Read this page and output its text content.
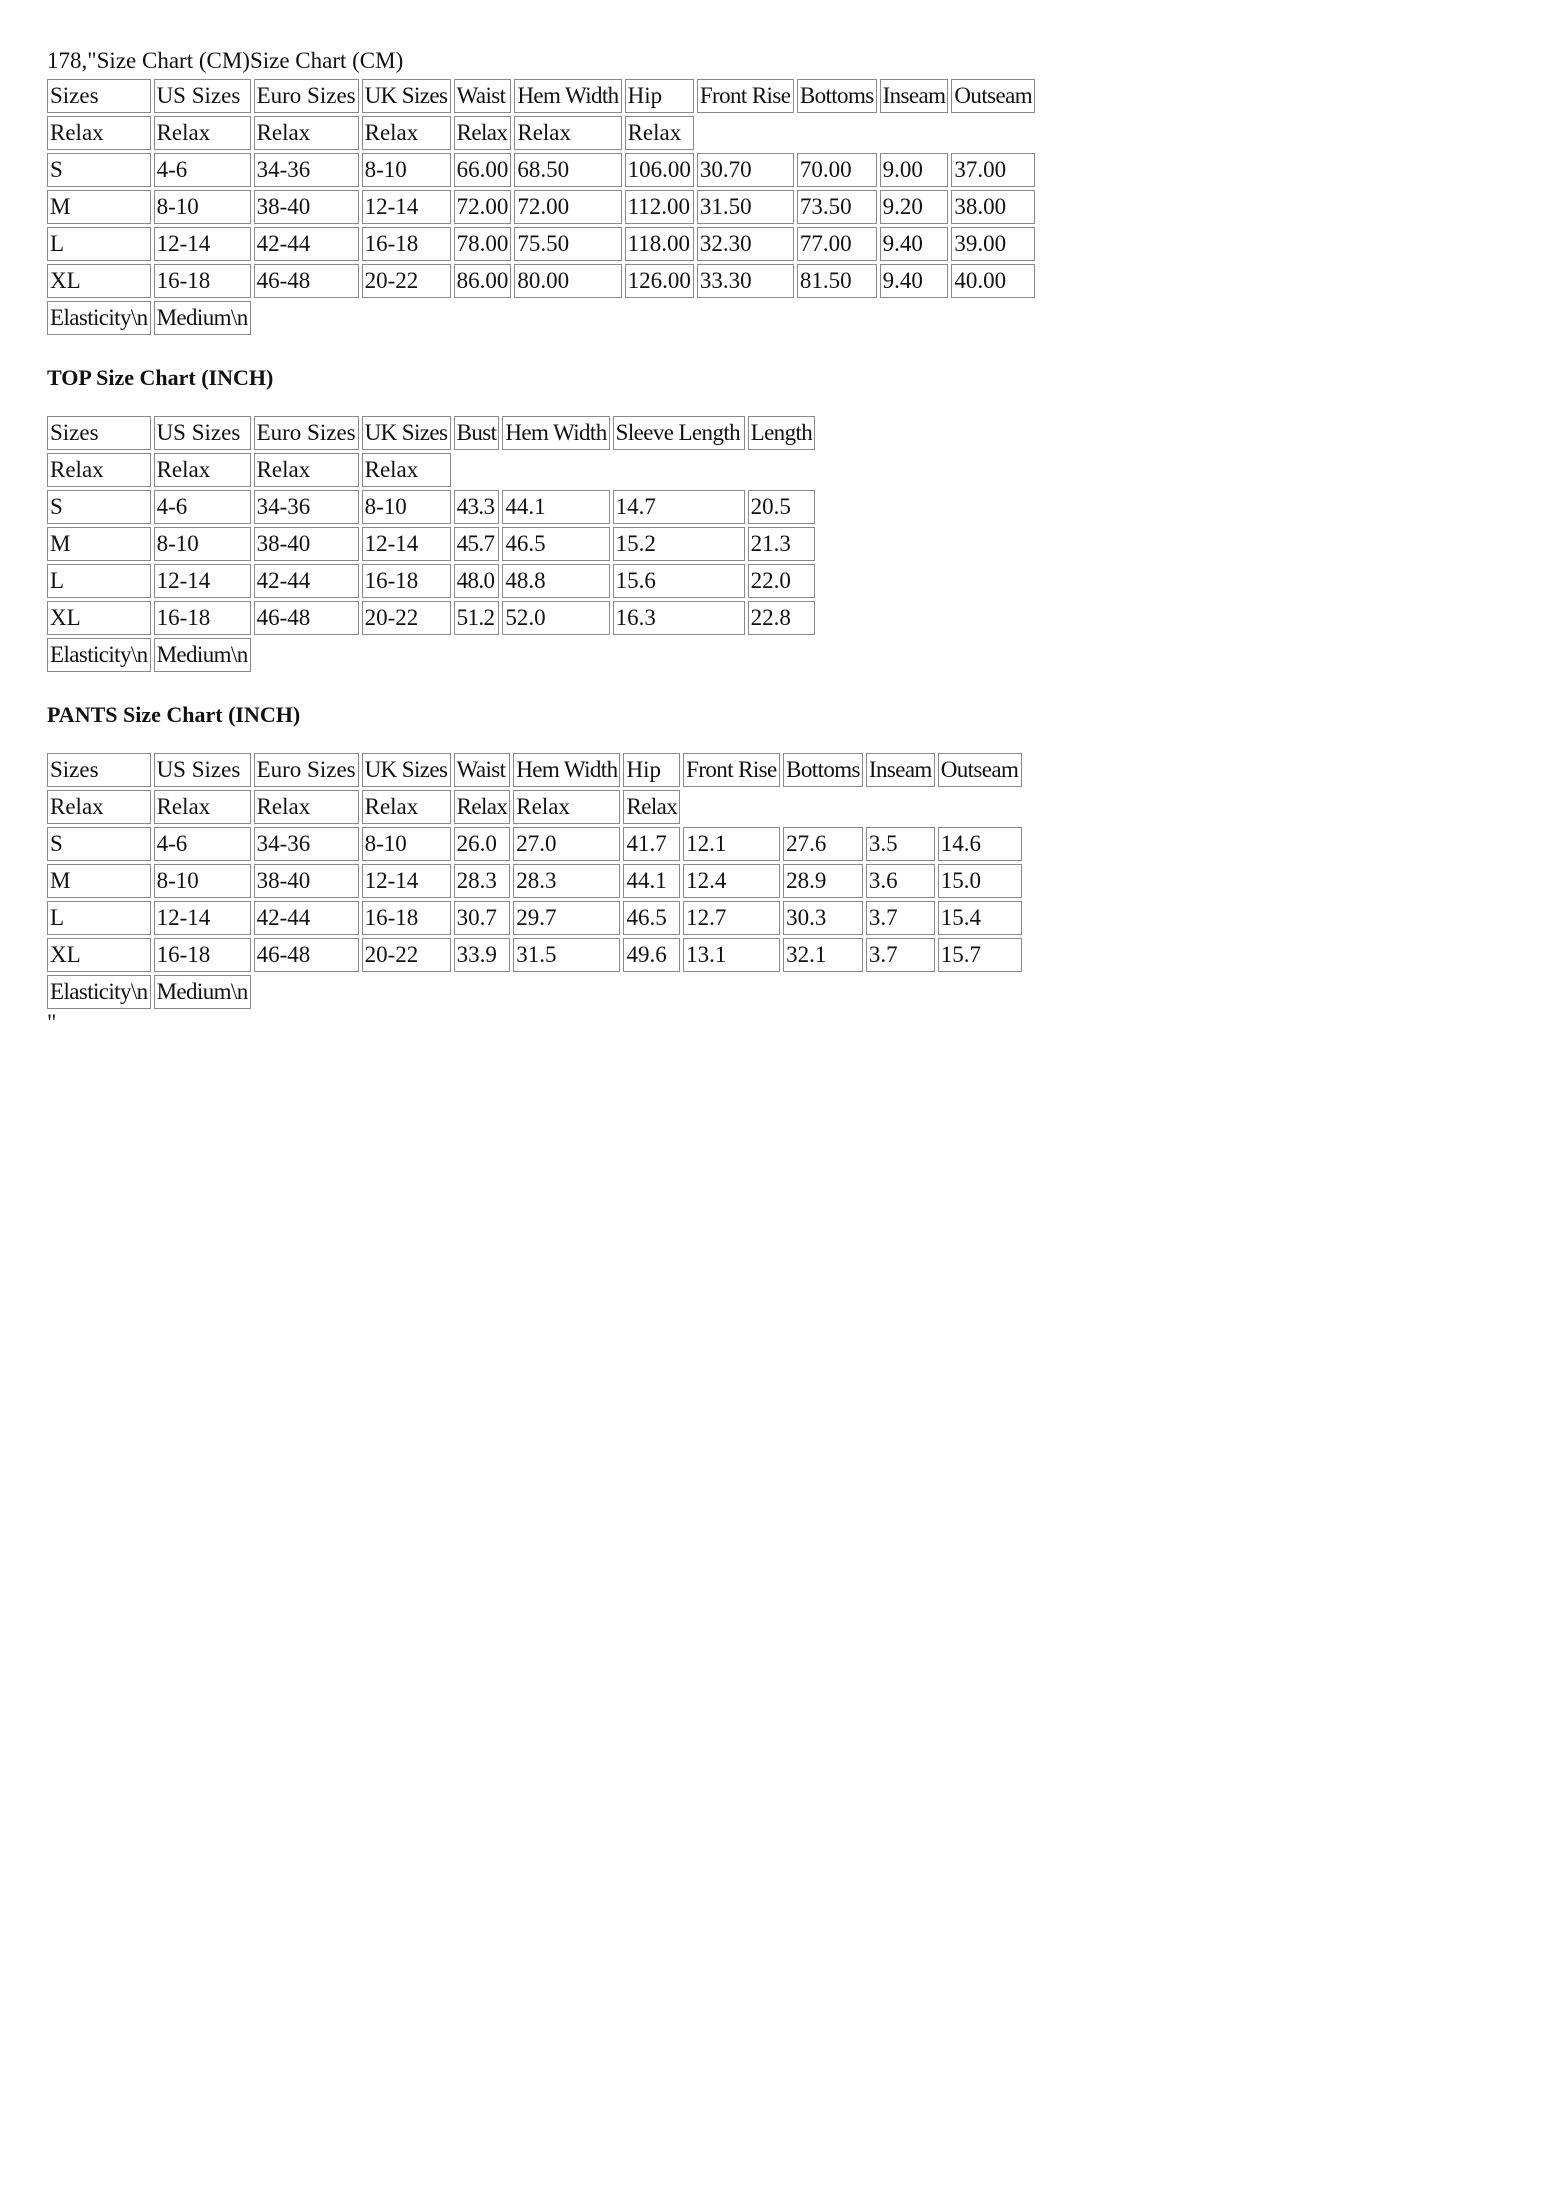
178,"Size Chart (CM)Size Chart (CM)
Sizes	US Sizes	Euro Sizes	UK Sizes	Waist	Hem Width	Hip	Front Rise	Bottoms	Inseam	Outseam
Relax	Relax	Relax	Relax	Relax	Relax	Relax				
S	4-6	34-36	8-10	66.00	68.50	106.00	30.70	70.00	9.00	37.00
M	8-10	38-40	12-14	72.00	72.00	112.00	31.50	73.50	9.20	38.00
L	12-14	42-44	16-18	78.00	75.50	118.00	32.30	77.00	9.40	39.00
XL	16-18	46-48	20-22	86.00	80.00	126.00	33.30	81.50	9.40	40.00
Elasticity\n	Medium\n									
TOP Size Chart (INCH)
Sizes	US Sizes	Euro Sizes	UK Sizes	Bust	Hem Width	Sleeve Length	Length
Relax	Relax	Relax	Relax				
S	4-6	34-36	8-10	43.3	44.1	14.7	20.5
M	8-10	38-40	12-14	45.7	46.5	15.2	21.3
L	12-14	42-44	16-18	48.0	48.8	15.6	22.0
XL	16-18	46-48	20-22	51.2	52.0	16.3	22.8
Elasticity\n	Medium\n						
PANTS Size Chart (INCH)
Sizes	US Sizes	Euro Sizes	UK Sizes	Waist	Hem Width	Hip	Front Rise	Bottoms	Inseam	Outseam
Relax	Relax	Relax	Relax	Relax	Relax	Relax				
S	4-6	34-36	8-10	26.0	27.0	41.7	12.1	27.6	3.5	14.6
M	8-10	38-40	12-14	28.3	28.3	44.1	12.4	28.9	3.6	15.0
L	12-14	42-44	16-18	30.7	29.7	46.5	12.7	30.3	3.7	15.4
XL	16-18	46-48	20-22	33.9	31.5	49.6	13.1	32.1	3.7	15.7
Elasticity\n	Medium\n									
"
